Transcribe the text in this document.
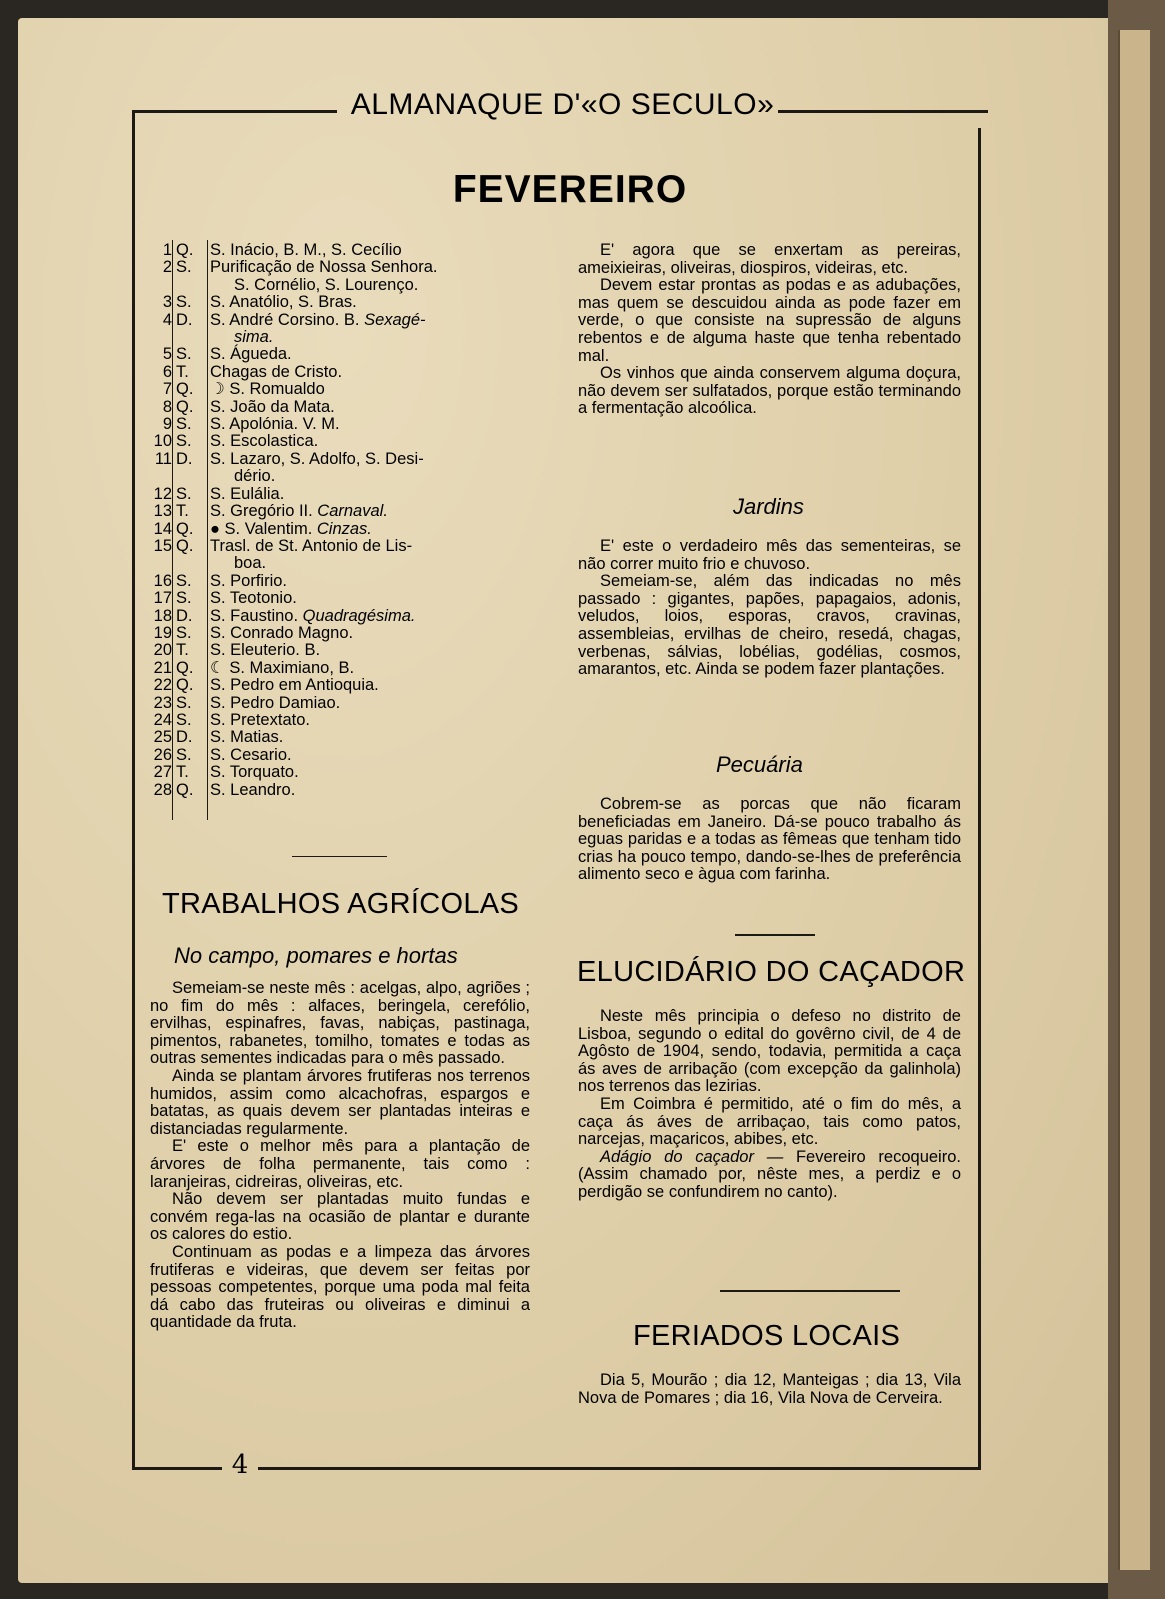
ALMANAQUE D'«O SECULO»
FEVEREIRO
1 Q.	S. Inácio, B. M., S. Cecílio
2 S.	Purificação de Nossa Senhora.
S. Cornélio, S. Lourenço.
3 S.	S. Anatólio, S. Bras.
4 D.	S. André Corsino. B. Sexagé-
sima.
5 S.	S. Águeda.
6 T.	Chagas de Cristo.
7 Q.	☽ S. Romualdo
8 Q.	S. João da Mata.
9 S.	S. Apolónia. V. M.
10 S.	S. Escolastica.
11 D.	S. Lazaro, S. Adolfo, S. Desi-
dério.
12 S.	S. Eulália.
13 T.	S. Gregório II. Carnaval.
14 Q.	● S. Valentim. Cinzas.
15 Q.	Trasl. de St. Antonio de Lis-
boa.
16 S.	S. Porfirio.
17 S.	S. Teotonio.
18 D.	S. Faustino. Quadragésima.
19 S.	S. Conrado Magno.
20 T.	S. Eleuterio. B.
21 Q.	☾ S. Maximiano, B.
22 Q.	S. Pedro em Antioquia.
23 S.	S. Pedro Damiao.
24 S.	S. Pretextato.
25 D.	S. Matias.
26 S.	S. Cesario.
27 T.	S. Torquato.
28 Q.	S. Leandro.

E' agora que se enxertam as pereiras, ameixieiras, oliveiras, diospiros, videiras, etc.

Devem estar prontas as podas e as adubações, mas quem se descuidou ainda as pode fazer em verde, o que consiste na supressão de alguns rebentos e de alguma haste que tenha rebentado mal.

Os vinhos que ainda conservem alguma doçura, não devem ser sulfatados, porque estão terminando a fermentação alcoólica.

Jardins

E' este o verdadeiro mês das sementeiras, se não correr muito frio e chuvoso.

Semeiam-se, além das indicadas no mês passado : gigantes, papões, papagaios, adonis, veludos, loios, esporas, cravos, cravinas, assembleias, ervilhas de cheiro, resedá, chagas, verbenas, sálvias, lobélias, godélias, cosmos, amarantos, etc. Ainda se podem fazer plantações.

Pecuária

Cobrem-se as porcas que não ficaram beneficiadas em Janeiro. Dá-se pouco trabalho ás eguas paridas e a todas as fêmeas que tenham tido crias ha pouco tempo, dando-se-lhes de preferência alimento seco e àgua com farinha.

TRABALHOS AGRÍCOLAS
No campo, pomares e hortas

Semeiam-se neste mês : acelgas, alpo, agriões ; no fim do mês : alfaces, beringela, cerefólio, ervilhas, espinafres, favas, nabiças, pastinaga, pimentos, rabanetes, tomilho, tomates e todas as outras sementes indicadas para o mês passado.

Ainda se plantam árvores frutiferas nos terrenos humidos, assim como alcachofras, espargos e batatas, as quais devem ser plantadas inteiras e distanciadas regularmente.

E' este o melhor mês para a plantação de árvores de folha permanente, tais como : laranjeiras, cidreiras, oliveiras, etc.

Não devem ser plantadas muito fundas e convém rega-las na ocasião de plantar e durante os calores do estio.

Continuam as podas e a limpeza das árvores frutiferas e videiras, que devem ser feitas por pessoas competentes, porque uma poda mal feita dá cabo das fruteiras ou oliveiras e diminui a quantidade da fruta.

ELUCIDÁRIO DO CAÇADOR

Neste mês principia o defeso no distrito de Lisboa, segundo o edital do govêrno civil, de 4 de Agôsto de 1904, sendo, todavia, permitida a caça ás aves de arribação (com excepção da galinhola) nos terrenos das lezirias.

Em Coimbra é permitido, até o fim do mês, a caça ás áves de arribaçao, tais como patos, narcejas, maçaricos, abibes, etc.

Adágio do caçador — Fevereiro recoqueiro. (Assim chamado por, nêste mes, a perdiz e o perdigão se confundirem no canto).

FERIADOS LOCAIS

Dia 5, Mourão ; dia 12, Manteigas ; dia 13, Vila Nova de Pomares ; dia 16, Vila Nova de Cerveira.

4
